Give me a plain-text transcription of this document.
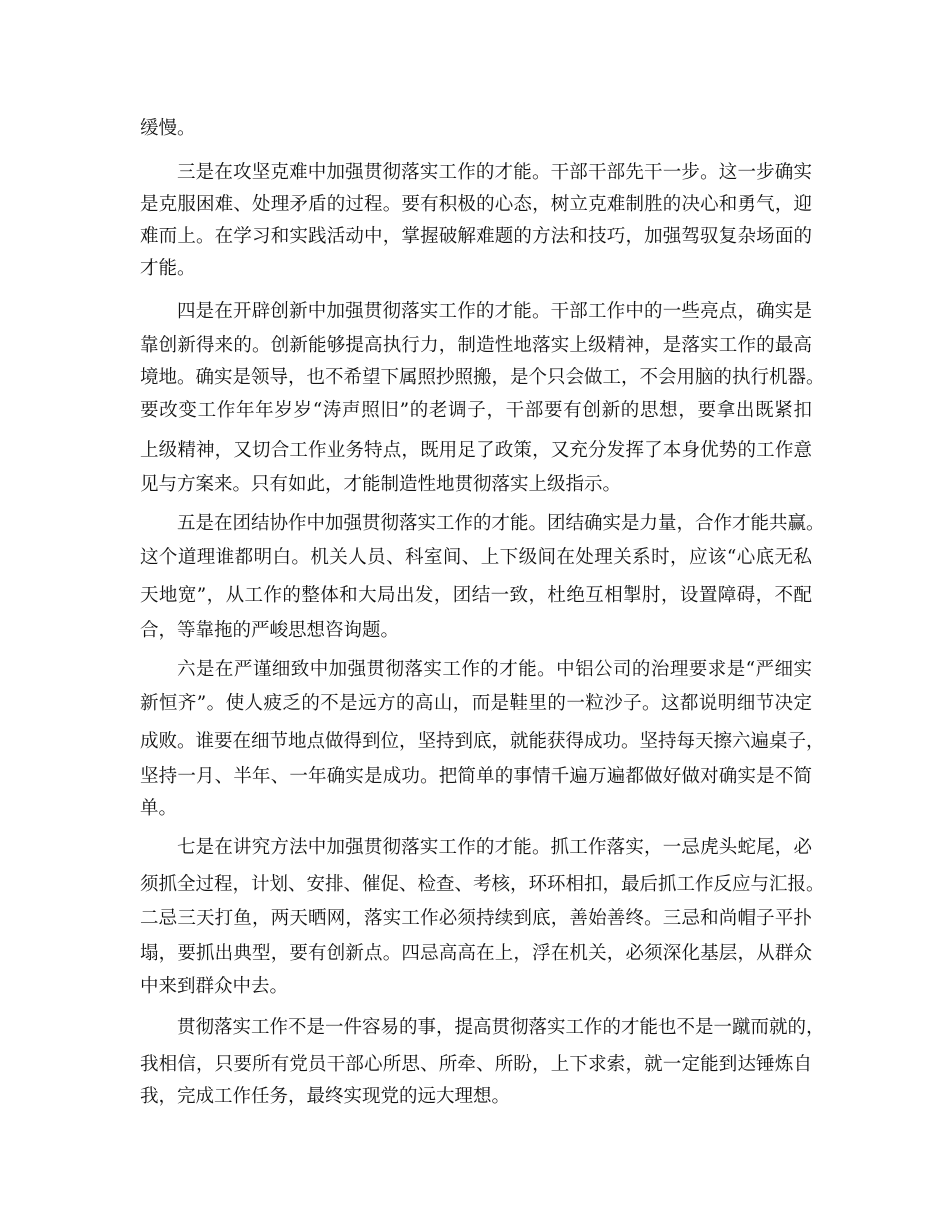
缓慢。
三是在攻坚克难中加强贯彻落实工作的才能。干部干部先干一步。这一步确实
是克服困难、处理矛盾的过程。要有积极的心态，树立克难制胜的决心和勇气，迎
难而上。在学习和实践活动中，掌握破解难题的方法和技巧，加强驾驭复杂场面的
才能。
四是在开辟创新中加强贯彻落实工作的才能。干部工作中的一些亮点，确实是
靠创新得来的。创新能够提高执行力，制造性地落实上级精神，是落实工作的最高
境地。确实是领导，也不希望下属照抄照搬，是个只会做工，不会用脑的执行机器。
要改变工作年年岁岁“涛声照旧”的老调子，干部要有创新的思想，要拿出既紧扣
上级精神，又切合工作业务特点，既用足了政策，又充分发挥了本身优势的工作意
见与方案来。只有如此，才能制造性地贯彻落实上级指示。
五是在团结协作中加强贯彻落实工作的才能。团结确实是力量，合作才能共赢。
这个道理谁都明白。机关人员、科室间、上下级间在处理关系时，应该“心底无私
天地宽”，从工作的整体和大局出发，团结一致，杜绝互相掣肘，设置障碍，不配
合，等靠拖的严峻思想咨询题。
六是在严谨细致中加强贯彻落实工作的才能。中铝公司的治理要求是“严细实
新恒齐”。使人疲乏的不是远方的高山，而是鞋里的一粒沙子。这都说明细节决定
成败。谁要在细节地点做得到位，坚持到底，就能获得成功。坚持每天擦六遍桌子，
坚持一月、半年、一年确实是成功。把简单的事情千遍万遍都做好做对确实是不简
单。
七是在讲究方法中加强贯彻落实工作的才能。抓工作落实，一忌虎头蛇尾，必
须抓全过程，计划、安排、催促、检查、考核，环环相扣，最后抓工作反应与汇报。
二忌三天打鱼，两天晒网，落实工作必须持续到底，善始善终。三忌和尚帽子平扑
塌，要抓出典型，要有创新点。四忌高高在上，浮在机关，必须深化基层，从群众
中来到群众中去。
贯彻落实工作不是一件容易的事，提高贯彻落实工作的才能也不是一蹴而就的，
我相信，只要所有党员干部心所思、所牵、所盼，上下求索，就一定能到达锤炼自
我，完成工作任务，最终实现党的远大理想。
